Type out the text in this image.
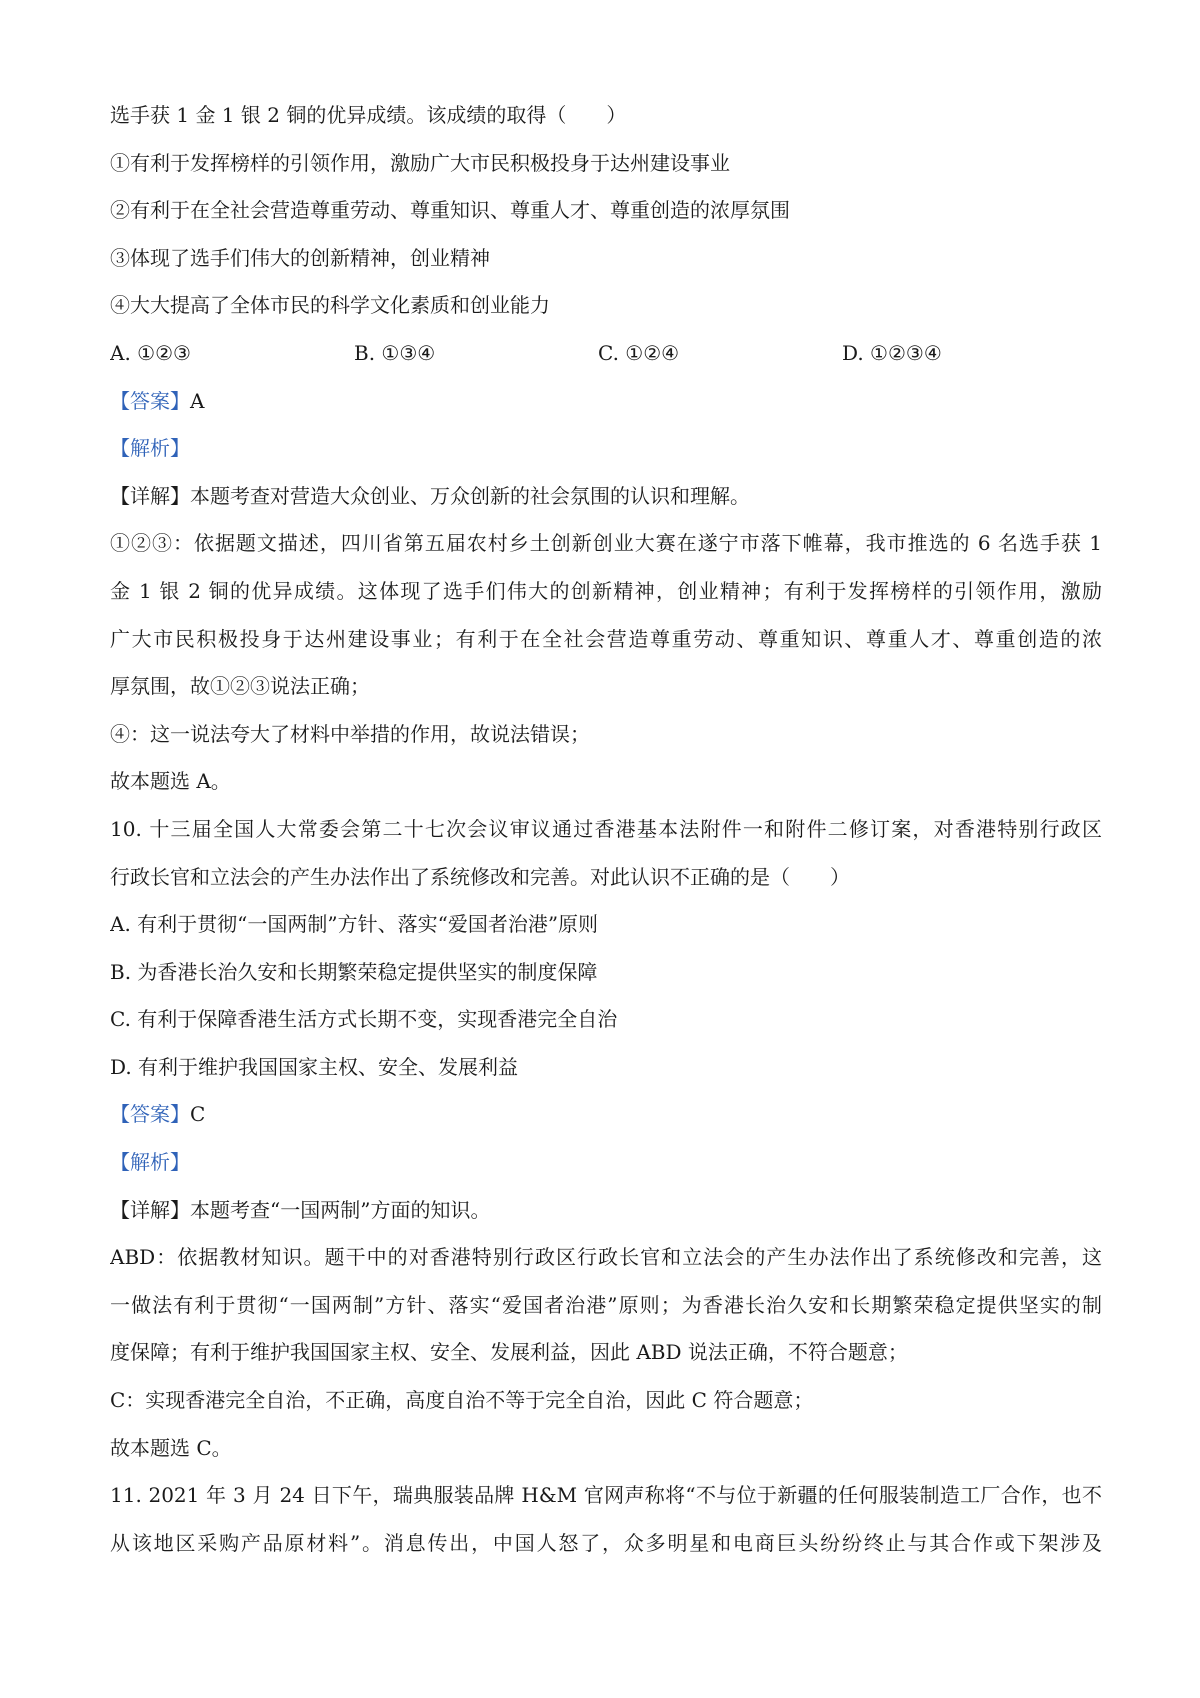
选手获 1 金 1 银 2 铜的优异成绩。该成绩的取得（　　）
①有利于发挥榜样的引领作用，激励广大市民积极投身于达州建设事业
②有利于在全社会营造尊重劳动、尊重知识、尊重人才、尊重创造的浓厚氛围
③体现了选手们伟大的创新精神，创业精神
④大大提高了全体市民的科学文化素质和创业能力
A. ①②③	B. ①③④	C. ①②④	D. ①②③④
【答案】A
【解析】
【详解】本题考查对营造大众创业、万众创新的社会氛围的认识和理解。
①②③：依据题文描述，四川省第五届农村乡土创新创业大赛在遂宁市落下帷幕，我市推选的 6 名选手获 1
金 1 银 2 铜的优异成绩。这体现了选手们伟大的创新精神，创业精神；有利于发挥榜样的引领作用，激励
广大市民积极投身于达州建设事业；有利于在全社会营造尊重劳动、尊重知识、尊重人才、尊重创造的浓
厚氛围，故①②③说法正确；
④：这一说法夸大了材料中举措的作用，故说法错误；
故本题选 A。
10. 十三届全国人大常委会第二十七次会议审议通过香港基本法附件一和附件二修订案，对香港特别行政区
行政长官和立法会的产生办法作出了系统修改和完善。对此认识不正确的是（　　）
A. 有利于贯彻“一国两制”方针、落实“爱国者治港”原则
B. 为香港长治久安和长期繁荣稳定提供坚实的制度保障
C. 有利于保障香港生活方式长期不变，实现香港完全自治
D. 有利于维护我国国家主权、安全、发展利益
【答案】C
【解析】
【详解】本题考查“一国两制”方面的知识。
ABD：依据教材知识。题干中的对香港特别行政区行政长官和立法会的产生办法作出了系统修改和完善，这
一做法有利于贯彻“一国两制”方针、落实“爱国者治港”原则；为香港长治久安和长期繁荣稳定提供坚实的制
度保障；有利于维护我国国家主权、安全、发展利益，因此 ABD 说法正确，不符合题意；
C：实现香港完全自治，不正确，高度自治不等于完全自治，因此 C 符合题意；
故本题选 C。
11. 2021 年 3 月 24 日下午，瑞典服装品牌 H&M 官网声称将“不与位于新疆的任何服装制造工厂合作，也不
从该地区采购产品原材料”。消息传出，中国人怒了，众多明星和电商巨头纷纷终止与其合作或下架涉及
